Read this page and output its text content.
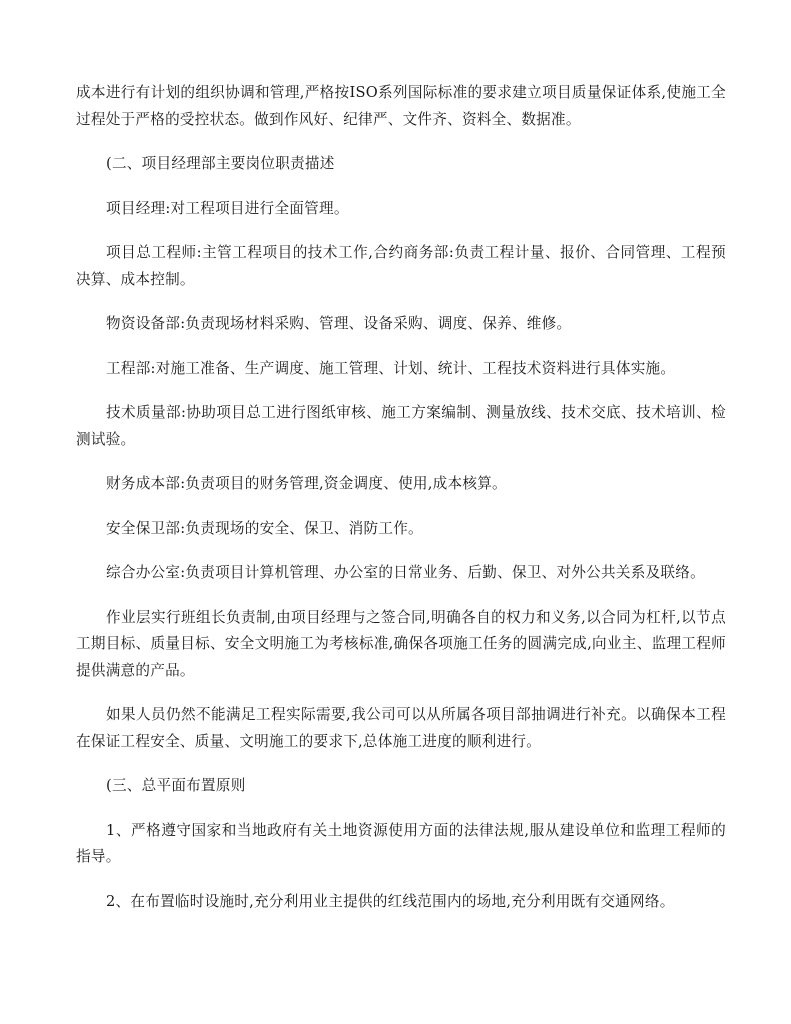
成本进行有计划的组织协调和管理,严格按ISO系列国际标准的要求建立项目质量保证体系,使施工全过程处于严格的受控状态。做到作风好、纪律严、文件齐、资料全、数据准。

(二、项目经理部主要岗位职责描述

项目经理:对工程项目进行全面管理。

项目总工程师:主管工程项目的技术工作,合约商务部:负责工程计量、报价、合同管理、工程预决算、成本控制。

物资设备部:负责现场材料采购、管理、设备采购、调度、保养、维修。

工程部:对施工准备、生产调度、施工管理、计划、统计、工程技术资料进行具体实施。

技术质量部:协助项目总工进行图纸审核、施工方案编制、测量放线、技术交底、技术培训、检测试验。

财务成本部:负责项目的财务管理,资金调度、使用,成本核算。

安全保卫部:负责现场的安全、保卫、消防工作。

综合办公室:负责项目计算机管理、办公室的日常业务、后勤、保卫、对外公共关系及联络。

作业层实行班组长负责制,由项目经理与之签合同,明确各自的权力和义务,以合同为杠杆,以节点工期目标、质量目标、安全文明施工为考核标准,确保各项施工任务的圆满完成,向业主、监理工程师提供满意的产品。

如果人员仍然不能满足工程实际需要,我公司可以从所属各项目部抽调进行补充。以确保本工程在保证工程安全、质量、文明施工的要求下,总体施工进度的顺利进行。

(三、总平面布置原则

1、严格遵守国家和当地政府有关土地资源使用方面的法律法规,服从建设单位和监理工程师的指导。

2、在布置临时设施时,充分利用业主提供的红线范围内的场地,充分利用既有交通网络。
